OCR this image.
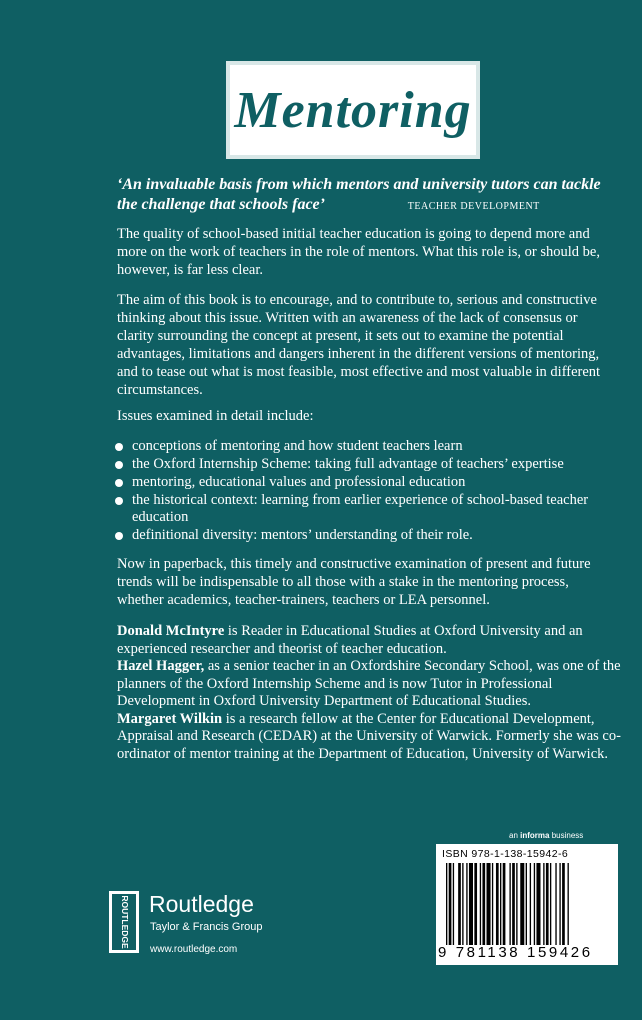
Mentoring
‘An invaluable basis from which mentors and university tutors can tackle the challenge that schools face’	TEACHER DEVELOPMENT

The quality of school-based initial teacher education is going to depend more and more on the work of teachers in the role of mentors. What this role is, or should be, however, is far less clear.

The aim of this book is to encourage, and to contribute to, serious and constructive thinking about this issue. Written with an awareness of the lack of consensus or clarity surrounding the concept at present, it sets out to examine the potential advantages, limitations and dangers inherent in the different versions of mentoring, and to tease out what is most feasible, most effective and most valuable in different circumstances.

Issues examined in detail include:

conceptions of mentoring and how student teachers learn
the Oxford Internship Scheme: taking full advantage of teachers’ expertise
mentoring, educational values and professional education
the historical context: learning from earlier experience of school-based teacher education
definitional diversity: mentors’ understanding of their role.

Now in paperback, this timely and constructive examination of present and future trends will be indispensable to all those with a stake in the mentoring process, whether academics, teacher-trainers, teachers or LEA personnel.

Donald McIntyre is Reader in Educational Studies at Oxford University and an experienced researcher and theorist of teacher education.

Hazel Hagger, as a senior teacher in an Oxfordshire Secondary School, was one of the planners of the Oxford Internship Scheme and is now Tutor in Professional Development in Oxford University Department of Educational Studies.

Margaret Wilkin is a research fellow at the Center for Educational Development, Appraisal and Research (CEDAR) at the University of Warwick. Formerly she was co-ordinator of mentor training at the Department of Education, University of Warwick.

an informa business
ROUTLEDGE Routledge
Taylor & Francis Group
www.routledge.com
ISBN 978-1-138-15942-6
9 781138 159426
